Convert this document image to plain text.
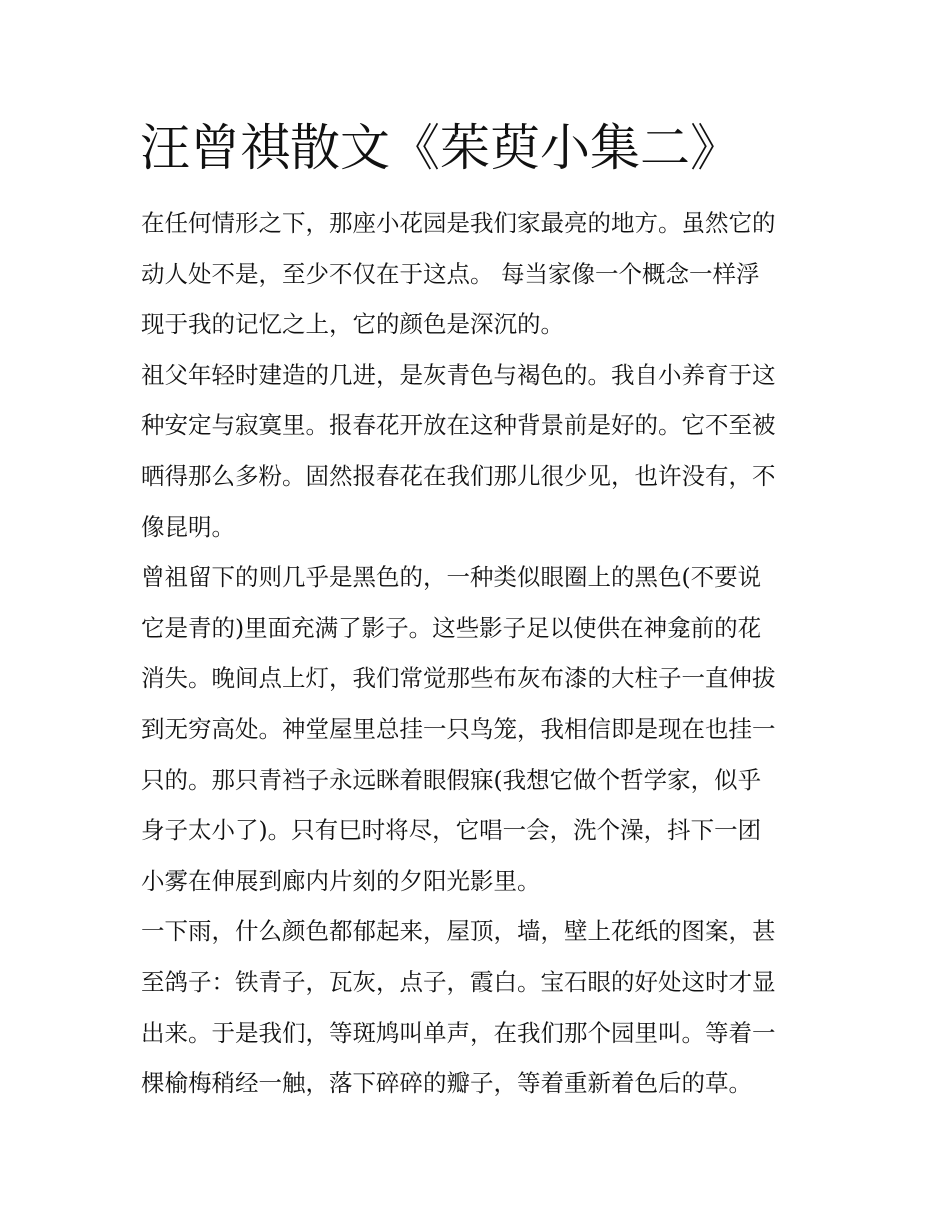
汪曾祺散文《茱萸小集二》
在任何情形之下，那座小花园是我们家最亮的地方。虽然它的
动人处不是，至少不仅在于这点。 每当家像一个概念一样浮
现于我的记忆之上，它的颜色是深沉的。
祖父年轻时建造的几进，是灰青色与褐色的。我自小养育于这
种安定与寂寞里。报春花开放在这种背景前是好的。它不至被
晒得那么多粉。固然报春花在我们那儿很少见，也许没有，不
像昆明。
曾祖留下的则几乎是黑色的，一种类似眼圈上的黑色(不要说
它是青的)里面充满了影子。这些影子足以使供在神龛前的花
消失。晚间点上灯，我们常觉那些布灰布漆的大柱子一直伸拔
到无穷高处。神堂屋里总挂一只鸟笼，我相信即是现在也挂一
只的。那只青裆子永远眯着眼假寐(我想它做个哲学家，似乎
身子太小了)。只有巳时将尽，它唱一会，洗个澡，抖下一团
小雾在伸展到廊内片刻的夕阳光影里。
一下雨，什么颜色都郁起来，屋顶，墙，壁上花纸的图案，甚
至鸽子：铁青子，瓦灰，点子，霞白。宝石眼的好处这时才显
出来。于是我们，等斑鸠叫单声，在我们那个园里叫。等着一
棵榆梅稍经一触，落下碎碎的瓣子，等着重新着色后的草。
